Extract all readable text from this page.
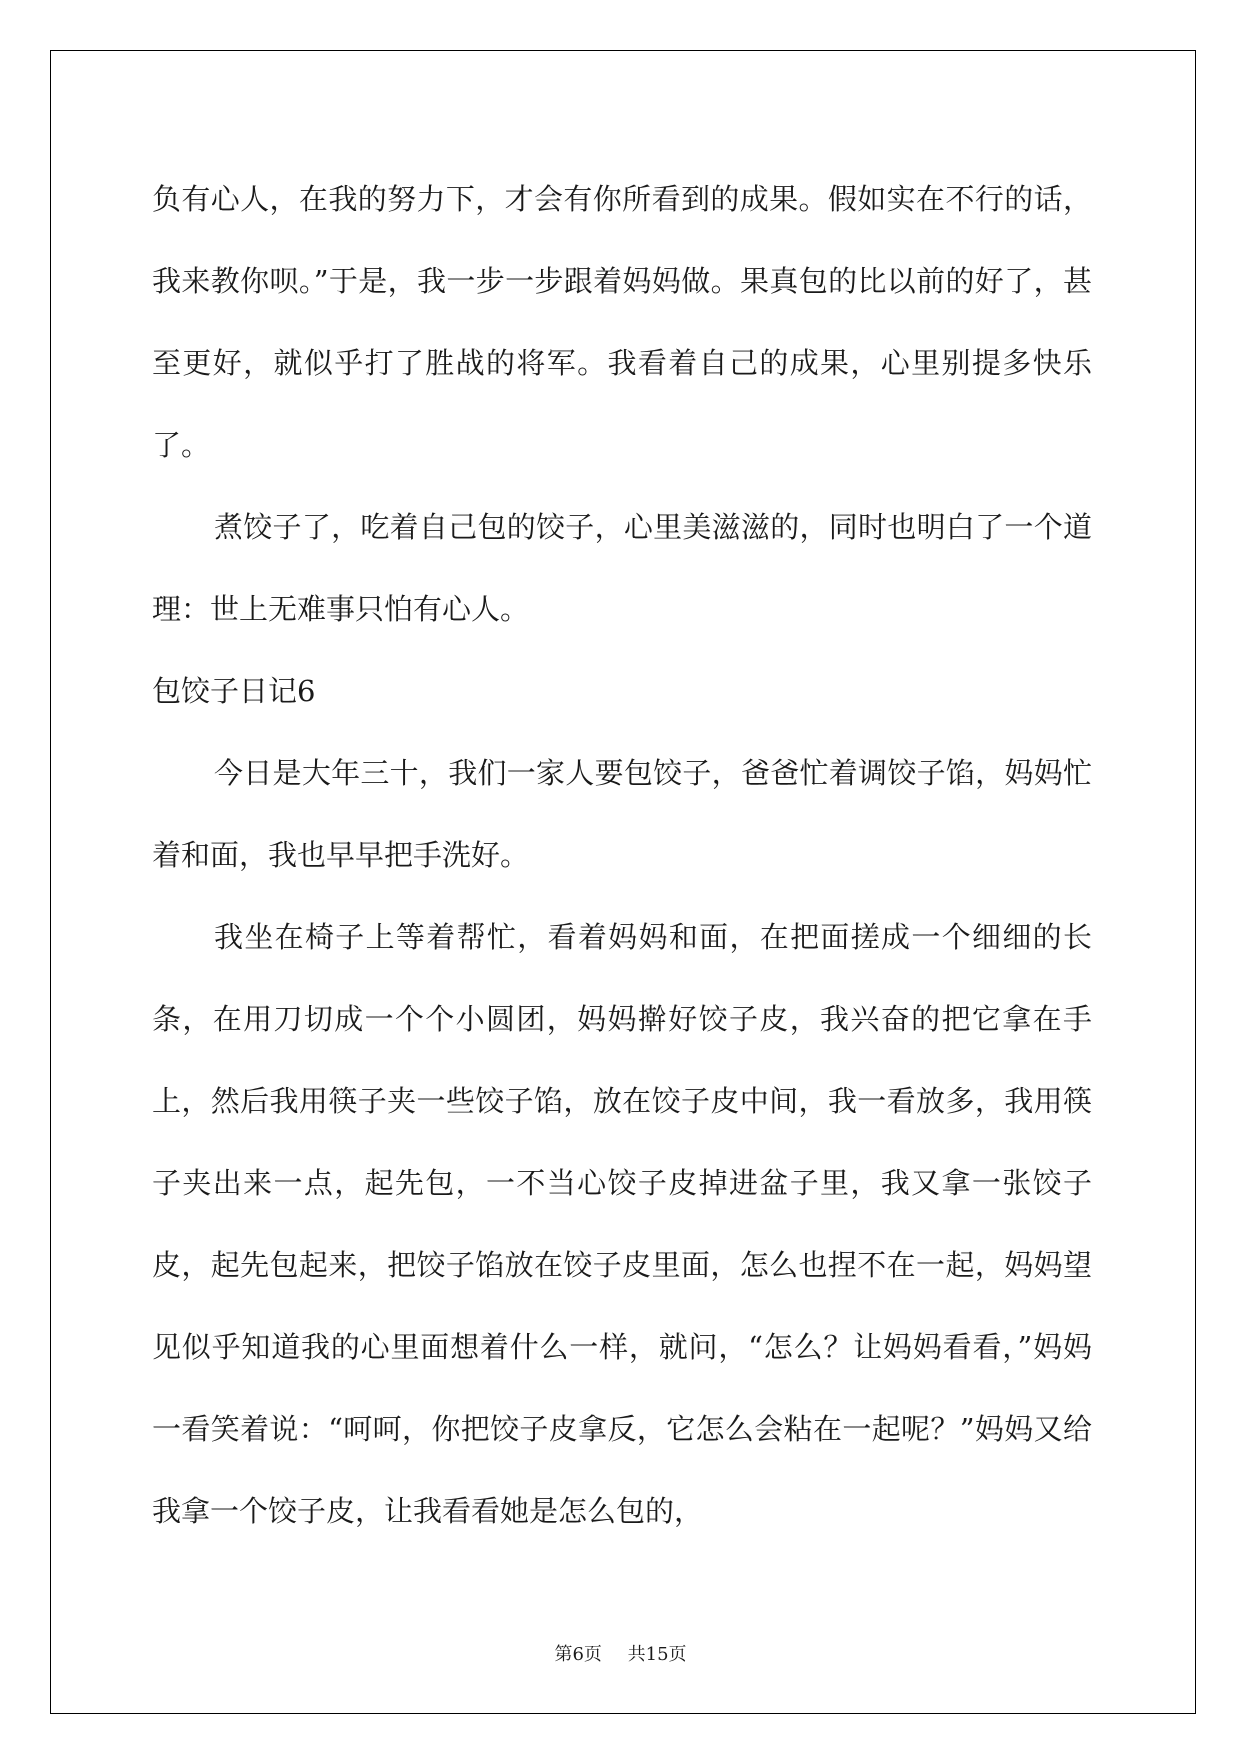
负有心人，在我的努力下，才会有你所看到的成果。假如实在不行的话，我来教你呗。”于是，我一步一步跟着妈妈做。果真包的比以前的好了，甚至更好，就似乎打了胜战的将军。我看着自己的成果，心里别提多快乐了。

煮饺子了，吃着自己包的饺子，心里美滋滋的，同时也明白了一个道理：世上无难事只怕有心人。

包饺子日记6

今日是大年三十，我们一家人要包饺子，爸爸忙着调饺子馅，妈妈忙着和面，我也早早把手洗好。

我坐在椅子上等着帮忙，看着妈妈和面，在把面搓成一个细细的长条，在用刀切成一个个小圆团，妈妈擀好饺子皮，我兴奋的把它拿在手上，然后我用筷子夹一些饺子馅，放在饺子皮中间，我一看放多，我用筷子夹出来一点，起先包，一不当心饺子皮掉进盆子里，我又拿一张饺子皮，起先包起来，把饺子馅放在饺子皮里面，怎么也捏不在一起，妈妈望见似乎知道我的心里面想着什么一样，就问，“怎么？让妈妈看看，”妈妈一看笑着说：“呵呵，你把饺子皮拿反，它怎么会粘在一起呢？”妈妈又给我拿一个饺子皮，让我看看她是怎么包的，

第6页 共15页
